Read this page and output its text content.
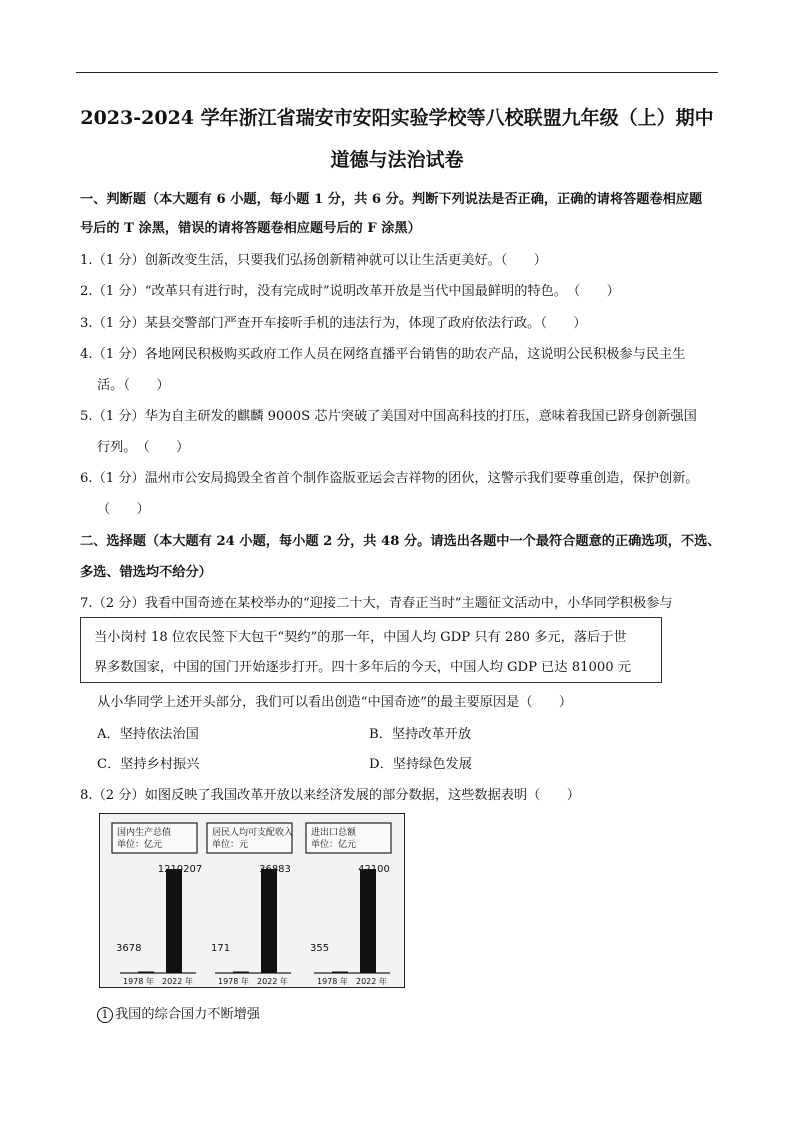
2023-2024 学年浙江省瑞安市安阳实验学校等八校联盟九年级（上）期中
道德与法治试卷
一、判断题（本大题有 6 小题，每小题 1 分，共 6 分。判断下列说法是否正确，正确的请将答题卷相应题
号后的 T 涂黑，错误的请将答题卷相应题号后的 F 涂黑）
1.（1 分）创新改变生活，只要我们弘扬创新精神就可以让生活更美好。（　　）
2.（1 分）“改革只有进行时，没有完成时”说明改革开放是当代中国最鲜明的特色。　（　　）
3.（1 分）某县交警部门严查开车接听手机的违法行为，体现了政府依法行政。（　　）
4.（1 分）各地网民积极购买政府工作人员在网络直播平台销售的助农产品，这说明公民积极参与民主生
活。（　　）
5.（1 分）华为自主研发的麒麟 9000S 芯片突破了美国对中国高科技的打压，意味着我国已跻身创新强国
行列。　（　　）
6.（1 分）温州市公安局捣毁全省首个制作盗版亚运会吉祥物的团伙，这警示我们要尊重创造，保护创新。
（　　）
二、选择题（本大题有 24 小题，每小题 2 分，共 48 分。请选出各题中一个最符合题意的正确选项，不选、
多选、错选均不给分）
7.（2 分）我看中国奇迹在某校举办的“迎接二十大，青春正当时”主题征文活动中，小华同学积极参与
当小岗村 18 位农民签下大包干“契约”的那一年，中国人均 GDP 只有 280 多元，落后于世
界多数国家，中国的国门开始逐步打开。四十多年后的今天，中国人均 GDP 已达 81000 元
从小华同学上述开头部分，我们可以看出创造“中国奇迹”的最主要原因是（　　）
A．坚持依法治国	B．坚持改革开放
C．坚持乡村振兴	D．坚持绿色发展
8.（2 分）如图反映了我国改革开放以来经济发展的部分数据，这些数据表明（　　）
国内生产总值
单位：亿元
3678
1210207
1978 年 2022 年
居民人均可支配收入
单位：元
171
36883
1978 年 2022 年
进出口总额
单位：亿元
355
42100
1978 年 2022 年
1 我国的综合国力不断增强
